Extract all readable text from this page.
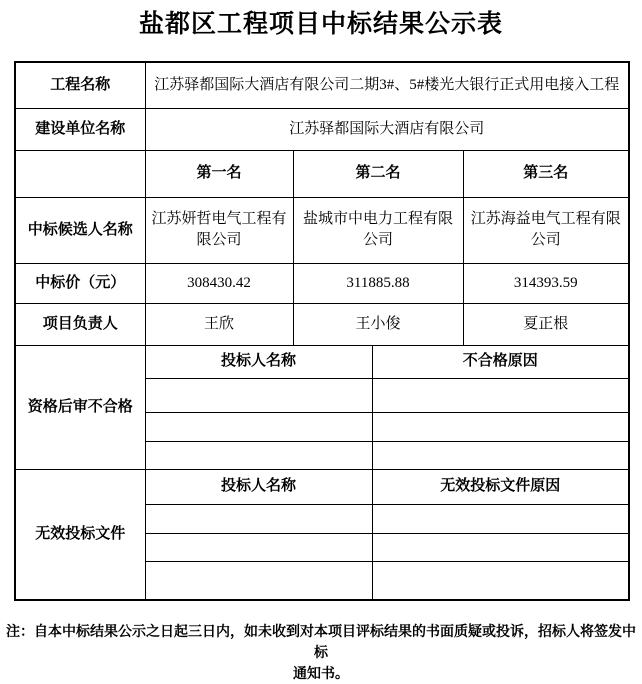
盐都区工程项目中标结果公示表
工程名称	江苏驿都国际大酒店有限公司二期3#、5#楼光大银行正式用电接入工程			
建设单位名称	江苏驿都国际大酒店有限公司			
	第一名	第二名		第三名
中标候选人名称	江苏妍哲电气工程有限公司	盐城市中电力工程有限公司		江苏海益电气工程有限公司
中标价（元）	308430.42	311885.88		314393.59
项目负责人	王欣	王小俊		夏正根
资格后审不合格	投标人名称		不合格原因	

无效投标文件	投标人名称		无效投标文件原因	

注：自本中标结果公示之日起三日内，如未收到对本项目评标结果的书面质疑或投诉，招标人将签发中标
通知书。
